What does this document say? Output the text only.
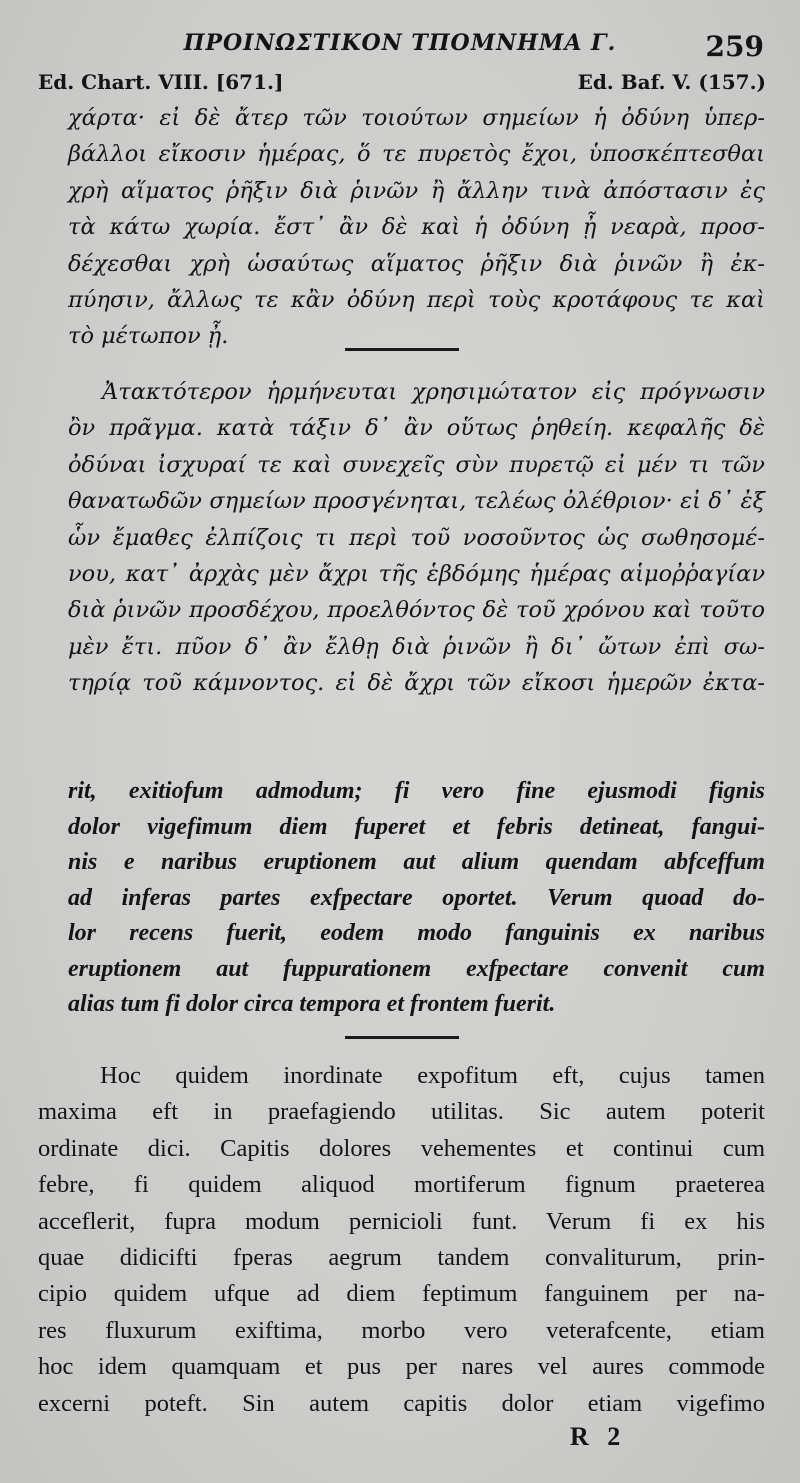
ΠΡΟΙΝΩΣΤΙΚΟΝ ΤΠΟΜΝΗΜΑ Γ.	259
Ed. Chart. VIII. [671.]	Ed. Baf. V. (157.)
χάρτα· εἰ δὲ ἄτερ τῶν τοιούτων σημείων ἡ ὀδύνη ὑπερ-
βάλλοι εἴκοσιν ἡμέρας, ὅ τε πυρετὸς ἔχοι, ὑποσκέπτεσθαι
χρὴ αἵματος ῥῆξιν διὰ ῥινῶν ἢ ἄλλην τινὰ ἀπόστασιν ἐς
τὰ κάτω χωρία. ἔστ᾽ ἂν δὲ καὶ ἡ ὀδύνη ᾖ νεαρὰ, προσ-
δέχεσθαι χρὴ ὡσαύτως αἵματος ῥῆξιν διὰ ῥινῶν ἢ ἐκ-
πύησιν, ἄλλως τε κἂν ὀδύνη περὶ τοὺς κροτάφους τε καὶ
τὸ μέτωπον ᾖ.
Ἀτακτότερον ἡρμήνευται χρησιμώτατον εἰς πρόγνωσιν
ὂν πρᾶγμα. κατὰ τάξιν δ᾽ ἂν οὕτως ῥηθείη. κεφαλῆς δὲ
ὀδύναι ἰσχυραί τε καὶ συνεχεῖς σὺν πυρετῷ εἰ μέν τι τῶν
θανατωδῶν σημείων προσγένηται, τελέως ὀλέθριον· εἰ δ᾽ ἐξ
ὧν ἔμαθες ἐλπίζοις τι περὶ τοῦ νοσοῦντος ὡς σωθησομέ-
νου, κατ᾽ ἀρχὰς μὲν ἄχρι τῆς ἑβδόμης ἡμέρας αἱμοῤῥαγίαν
διὰ ῥινῶν προσδέχου, προελθόντος δὲ τοῦ χρόνου καὶ τοῦτο
μὲν ἔτι. πῦον δ᾽ ἂν ἔλθῃ διὰ ῥινῶν ἢ δι᾽ ὤτων ἐπὶ σω-
τηρίᾳ τοῦ κάμνοντος. εἰ δὲ ἄχρι τῶν εἴκοσι ἡμερῶν ἐκτα-
rit, exitiofum admodum; fi vero fine ejusmodi fignis
dolor vigefimum diem fuperet et febris detineat, fangui-
nis e naribus eruptionem aut alium quendam abfceffum
ad inferas partes exfpectare oportet. Verum quoad do-
lor recens fuerit, eodem modo fanguinis ex naribus
eruptionem aut fuppurationem exfpectare convenit cum
alias tum fi dolor circa tempora et frontem fuerit.
Hoc quidem inordinate expofitum eft, cujus tamen
maxima eft in praefagiendo utilitas. Sic autem poterit
ordinate dici. Capitis dolores vehementes et continui cum
febre, fi quidem aliquod mortiferum fignum praeterea
acceflerit, fupra modum pernicioli funt. Verum fi ex his
quae didicifti fperas aegrum tandem convaliturum, prin-
cipio quidem ufque ad diem feptimum fanguinem per na-
res fluxurum exiftima, morbo vero veterafcente, etiam
hoc idem quamquam et pus per nares vel aures commode
excerni poteft. Sin autem capitis dolor etiam vigefimo
R 2
